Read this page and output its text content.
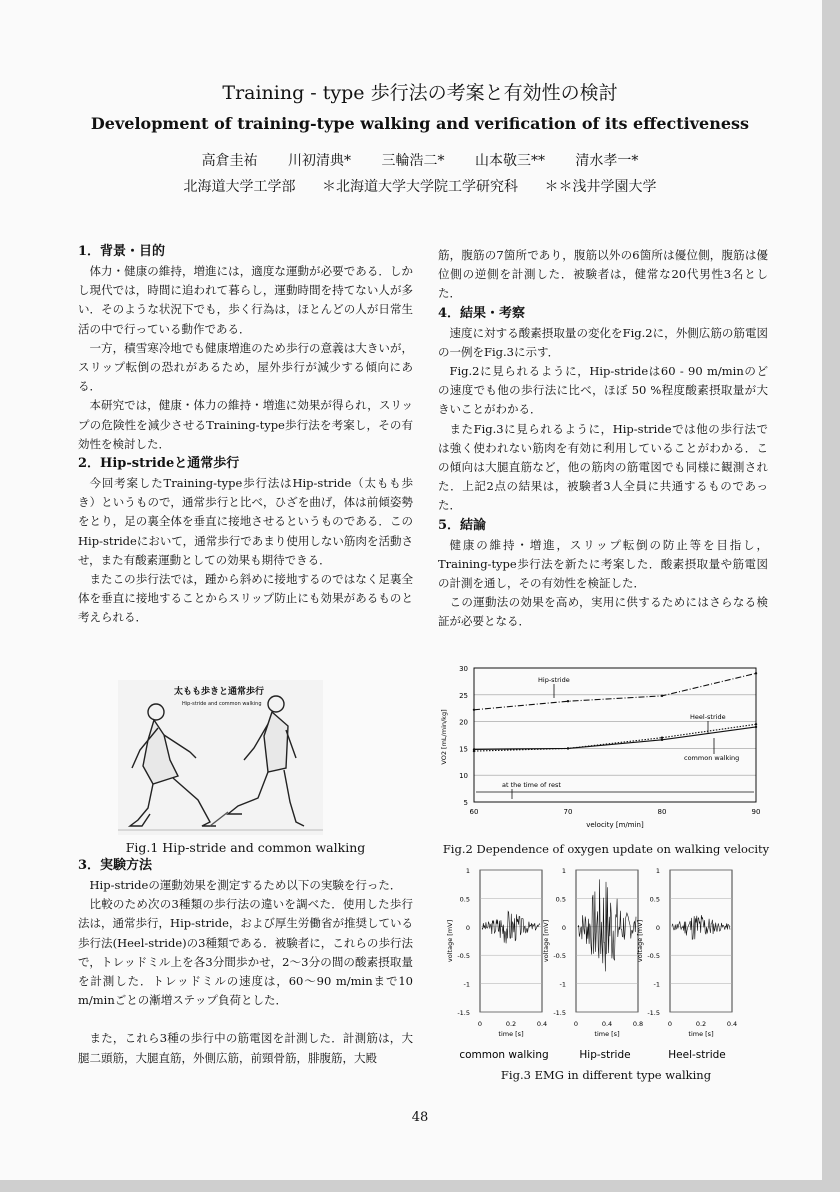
Training - type 歩行法の考案と有効性の検討
Development of training-type walking and verification of its effectiveness
高倉圭祐 川初清典* 三輪浩二* 山本敬三** 清水孝一*
北海道大学工学部 ＊北海道大学大学院工学研究科 ＊＊浅井学園大学
1．背景・目的

体力・健康の維持，増進には，適度な運動が必要である．しかし現代では，時間に追われて暮らし，運動時間を持てない人が多い．そのような状況下でも，歩く行為は，ほとんどの人が日常生活の中で行っている動作である．

一方，積雪寒冷地でも健康増進のため歩行の意義は大きいが，スリップ転倒の恐れがあるため，屋外歩行が減少する傾向にある．

本研究では，健康・体力の維持・増進に効果が得られ，スリップの危険性を減少させるTraining-type歩行法を考案し，その有効性を検討した．

2．Hip-strideと通常歩行

今回考案したTraining-type歩行法はHip-stride（太もも歩き）というもので，通常歩行と比べ，ひざを曲げ，体は前傾姿勢をとり，足の裏全体を垂直に接地させるというものである．このHip-strideにおいて，通常歩行であまり使用しない筋肉を活動させ，また有酸素運動としての効果も期待できる．

またこの歩行法では，踵から斜めに接地するのではなく足裏全体を垂直に接地することからスリップ防止にも効果があるものと考えられる．

太もも歩きと通常歩行
Hip-stride and common walking
Fig.1 Hip-stride and common walking
3．実験方法

Hip-strideの運動効果を測定するため以下の実験を行った．

比較のため次の3種類の歩行法の違いを調べた．使用した歩行法は，通常歩行，Hip-stride，および厚生労働省が推奨している歩行法(Heel-stride)の3種類である．被験者に，これらの歩行法で，トレッドミル上を各3分間歩かせ，2～3分の間の酸素摂取量を計測した．トレッドミルの速度は，60～90 m/minまで10 m/minごとの漸増ステップ負荷とした．

また，これら3種の歩行中の筋電図を計測した．計測筋は，大腿二頭筋，大腿直筋，外側広筋，前頸骨筋，腓腹筋，大殿

筋，腹筋の7箇所であり，腹筋以外の6箇所は優位側，腹筋は優位側の逆側を計測した．被験者は，健常な20代男性3名とした．

4．結果・考察

速度に対する酸素摂取量の変化をFig.2に，外側広筋の筋電図の一例をFig.3に示す．

Fig.2に見られるように，Hip-strideは60 - 90 m/minのどの速度でも他の歩行法に比べ，ほぼ 50 %程度酸素摂取量が大きいことがわかる．

またFig.3に見られるように，Hip-strideでは他の歩行法では強く使われない筋肉を有効に利用していることがわかる．この傾向は大腿直筋など，他の筋肉の筋電図でも同様に観測された．上記2点の結果は，被験者3人全員に共通するものであった．

5．結論

健康の維持・増進，スリップ転倒の防止等を目指し，Training-type歩行法を新たに考案した．酸素摂取量や筋電図の計測を通し，その有効性を検証した．

この運動法の効果を高め，実用に供するためにはさらなる検証が必要となる．

5
10
15
20
25
30
60	70	80	90
VO2 [mL/min/kg]
velocity [m/min]
Hip-stride
Heel-stride
common walking
at the time of rest
Fig.2 Dependence of oxygen update on walking velocity
1
0.5
0
-0.5
-1
-1.5
0	0.2	0.4
time [s]
voltage [mV]
1
0.5
0
-0.5
-1
-1.5
0	0.4	0.8
time [s]
voltage [mV]
1
0.5
0
-0.5
-1
-1.5
0	0.2	0.4
time [s]
voltage [mV]
common walking	Hip-stride	Heel-stride
Fig.3 EMG in different type walking
48
